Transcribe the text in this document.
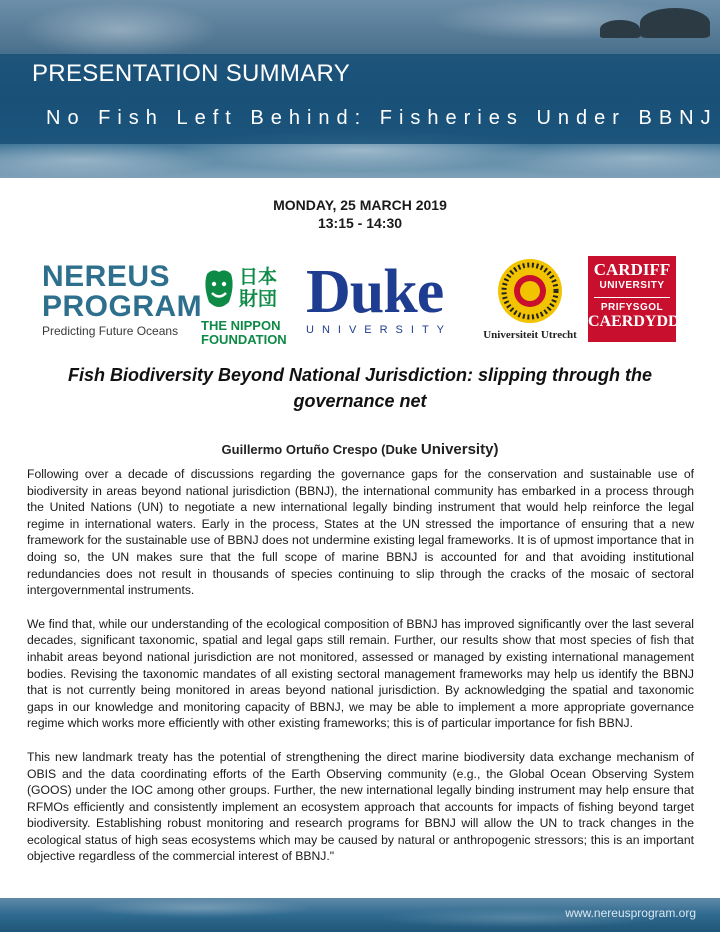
PRESENTATION SUMMARY
No Fish Left Behind: Fisheries Under BBNJ
MONDAY, 25 MARCH 2019
13:15 - 14:30
NEREUS
PROGRAM
Predicting Future Oceans
日本
財団
THE NIPPON
FOUNDATION
Duke
UNIVERSITY	Universiteit Utrecht
CARDIFF
UNIVERSITY
PRIFYSGOL
CAERDYDD
Fish Biodiversity Beyond National Jurisdiction: slipping through the governance net
Guillermo Ortuño Crespo (Duke University)

Following over a decade of discussions regarding the governance gaps for the conservation and sustainable use of biodiversity in areas beyond national jurisdiction (BBNJ), the international community has embarked in a process through the United Nations (UN) to negotiate a new international legally binding instrument that would help reinforce the legal regime in international waters. Early in the process, States at the UN stressed the importance of ensuring that a new framework for the sustainable use of BBNJ does not undermine existing legal frameworks. It is of upmost importance that in doing so, the UN makes sure that the full scope of marine BBNJ is accounted for and that avoiding institutional redundancies does not result in thousands of species continuing to slip through the cracks of the mosaic of sectoral intergovernmental instruments.

We find that, while our understanding of the ecological composition of BBNJ has improved significantly over the last several decades, significant taxonomic, spatial and legal gaps still remain. Further, our results show that most species of fish that inhabit areas beyond national jurisdiction are not monitored, assessed or managed by existing international management bodies. Revising the taxonomic mandates of all existing sectoral management frameworks may help us identify the BBNJ that is not currently being monitored in areas beyond national jurisdiction. By acknowledging the spatial and taxonomic gaps in our knowledge and monitoring capacity of BBNJ, we may be able to implement a more appropriate governance regime which works more efficiently with other existing frameworks; this is of particular importance for fish BBNJ.

This new landmark treaty has the potential of strengthening the direct marine biodiversity data exchange mechanism of OBIS and the data coordinating efforts of the Earth Observing community (e.g., the Global Ocean Observing System (GOOS) under the IOC among other groups. Further, the new international legally binding instrument may help ensure that RFMOs efficiently and consistently implement an ecosystem approach that accounts for impacts of fishing beyond target biodiversity. Establishing robust monitoring and research programs for BBNJ will allow the UN to track changes in the ecological status of high seas ecosystems which may be caused by natural or anthropogenic stressors; this is an important objective regardless of the commercial interest of BBNJ."

www.nereusprogram.org
